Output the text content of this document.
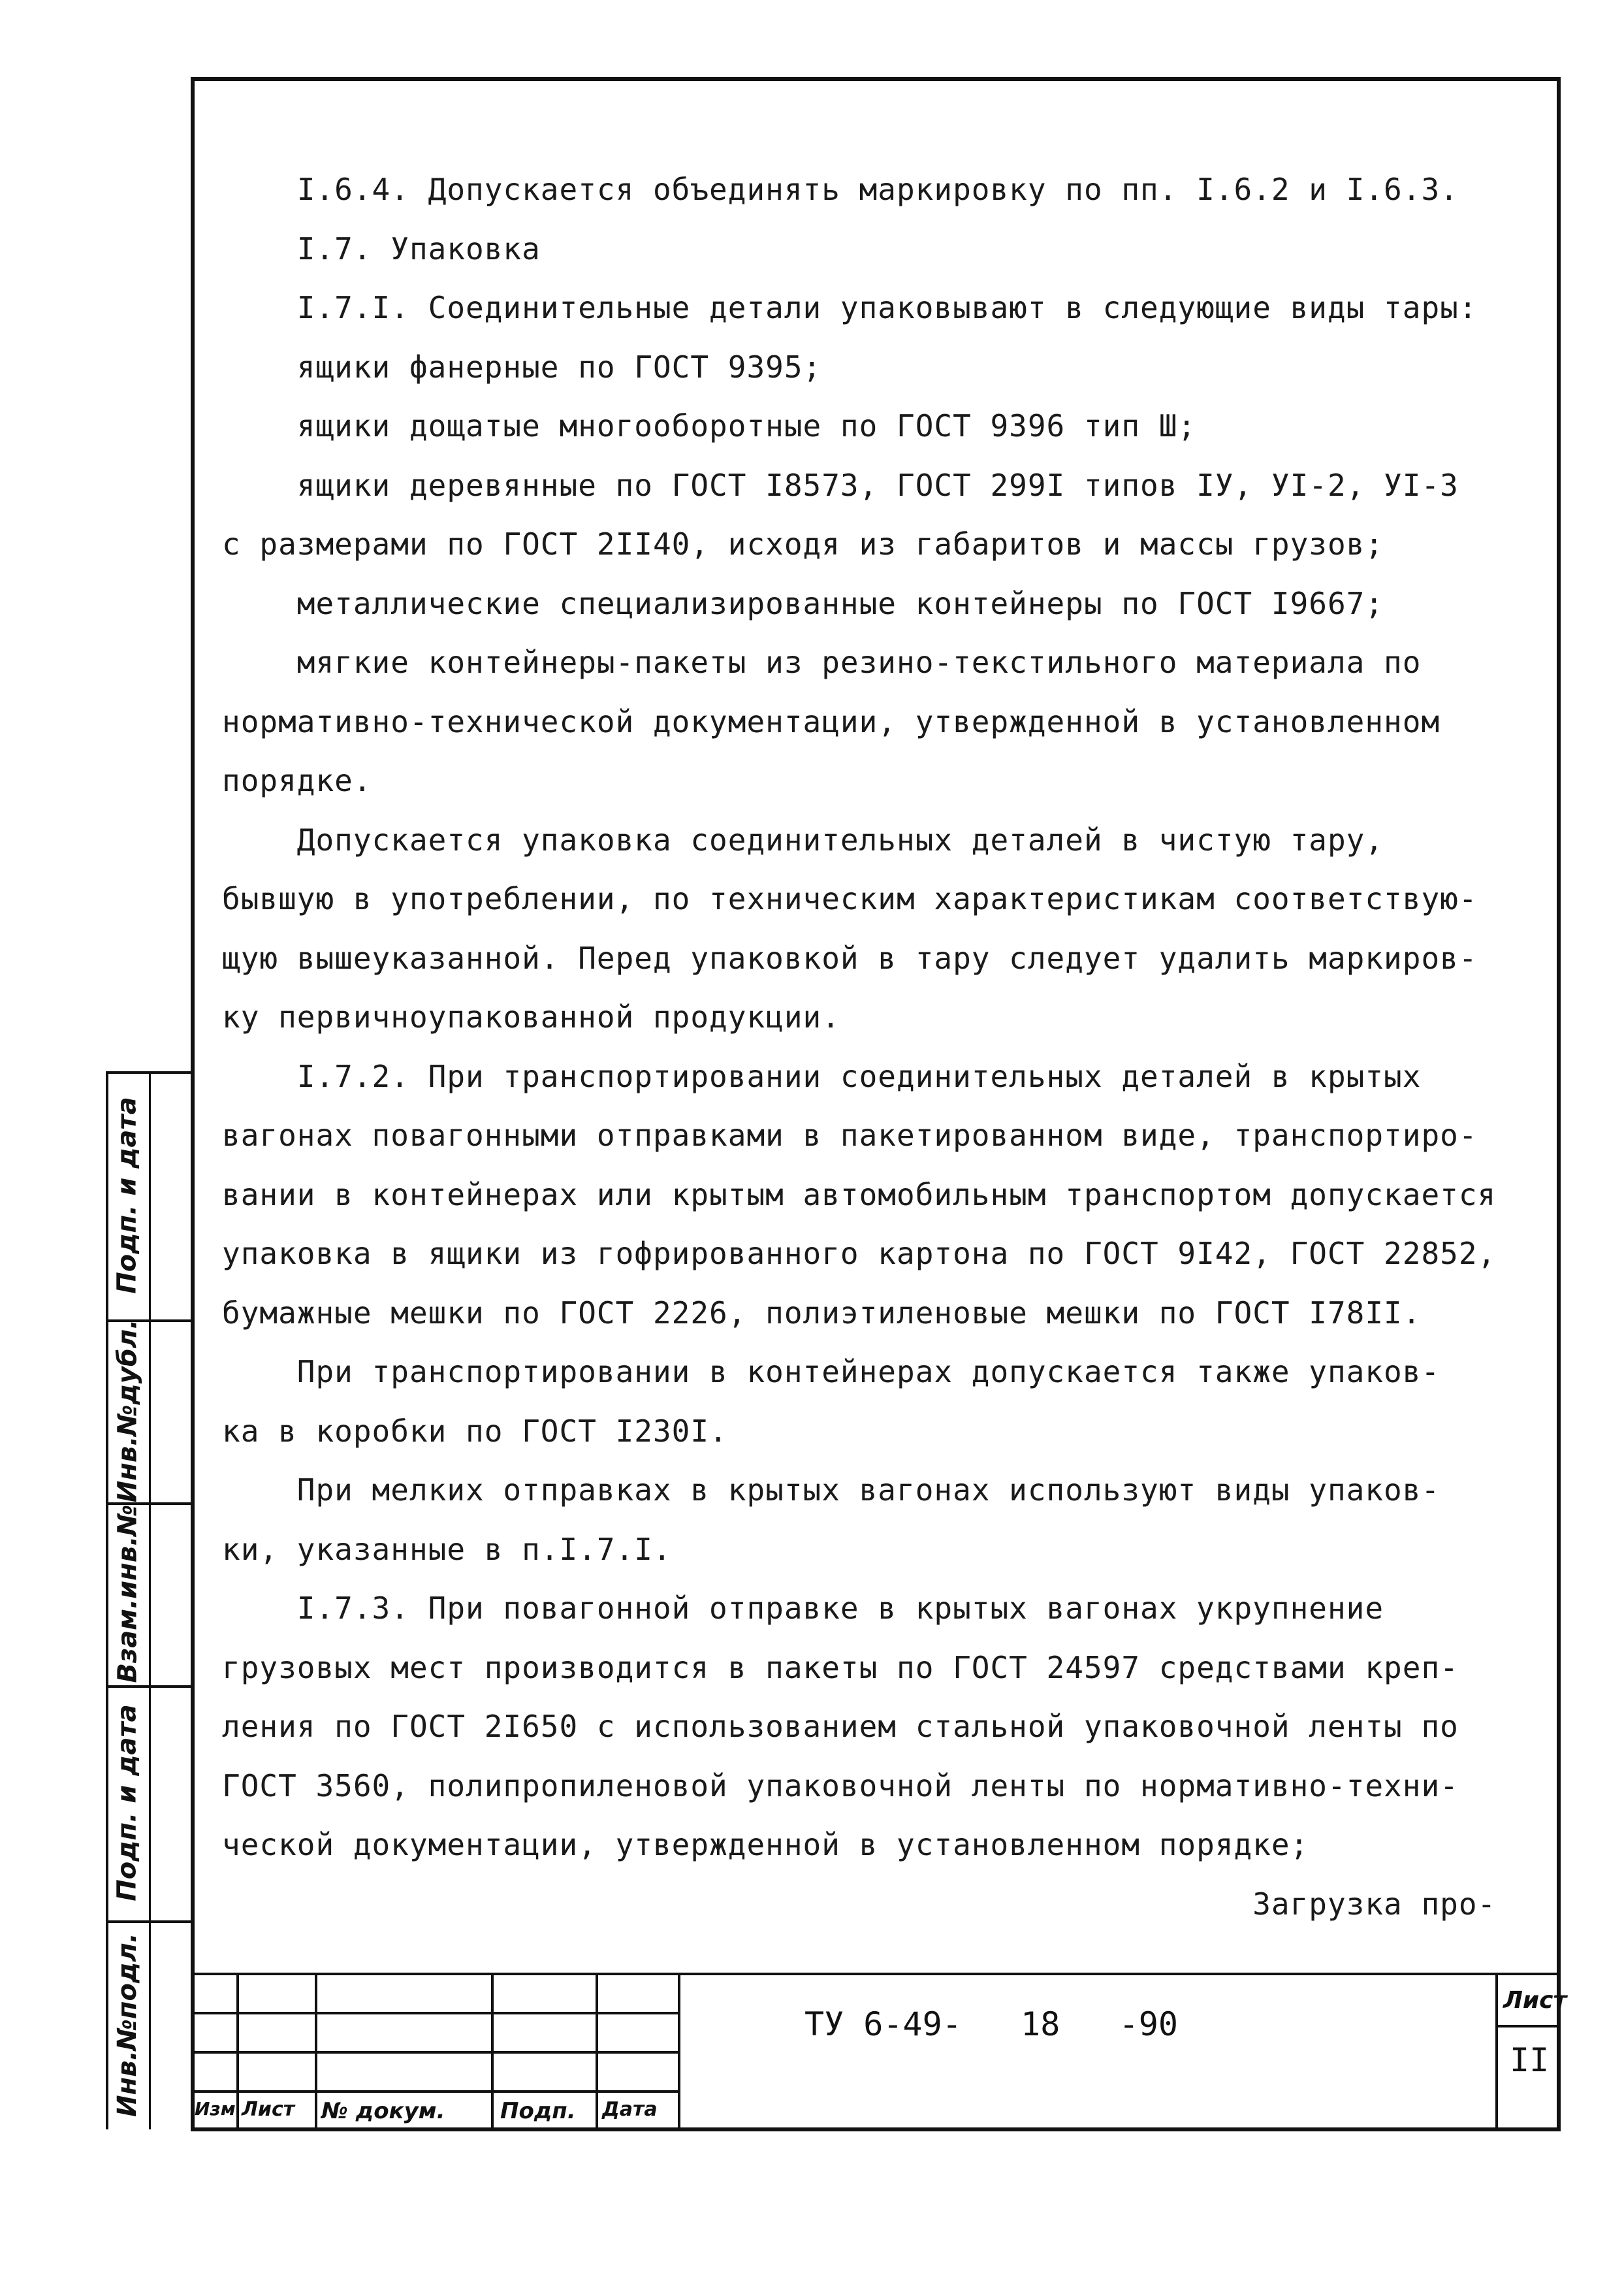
I.6.4. Допускается объединять маркировку по пп. I.6.2 и I.6.3.
I.7. Упаковка
I.7.I. Соединительные детали упаковывают в следующие виды тары:
ящики фанерные по ГОСТ 9395;
ящики дощатые многооборотные по ГОСТ 9396 тип Ш;
ящики деревянные по ГОСТ I8573, ГОСТ 299I типов IУ, УI-2, УI-3
с размерами по ГОСТ 2II40, исходя из габаритов и массы грузов;
металлические специализированные контейнеры по ГОСТ I9667;
мягкие контейнеры-пакеты из резино-текстильного материала по
нормативно-технической документации, утвержденной в установленном
порядке.
Допускается упаковка соединительных деталей в чистую тару,
бывшую в употреблении, по техническим характеристикам соответствую-
щую вышеуказанной. Перед упаковкой в тару следует удалить маркиров-
ку первичноупакованной продукции.
I.7.2. При транспортировании соединительных деталей в крытых
вагонах повагонными отправками в пакетированном виде, транспортиро-
вании в контейнерах или крытым автомобильным транспортом допускается
упаковка в ящики из гофрированного картона по ГОСТ 9I42, ГОСТ 22852,
бумажные мешки по ГОСТ 2226, полиэтиленовые мешки по ГОСТ I78II.
При транспортировании в контейнерах допускается также упаков-
ка в коробки по ГОСТ I230I.
При мелких отправках в крытых вагонах используют виды упаков-
ки, указанные в п.I.7.I.
I.7.3. При повагонной отправке в крытых вагонах укрупнение
грузовых мест производится в пакеты по ГОСТ 24597 средствами креп-
ления по ГОСТ 2I650 с использованием стальной упаковочной ленты по
ГОСТ 3560, полипропиленовой упаковочной ленты по нормативно-техни-
ческой документации, утвержденной в установленном порядке;
Загрузка про-
Инв.№подл.
Подп. и дата
Взам.инв.№
Инв.№дубл.
Подп. и дата
Изм Лист № докум. Подп. Дата
ТУ 6-49-   18   -90
Лист
II
